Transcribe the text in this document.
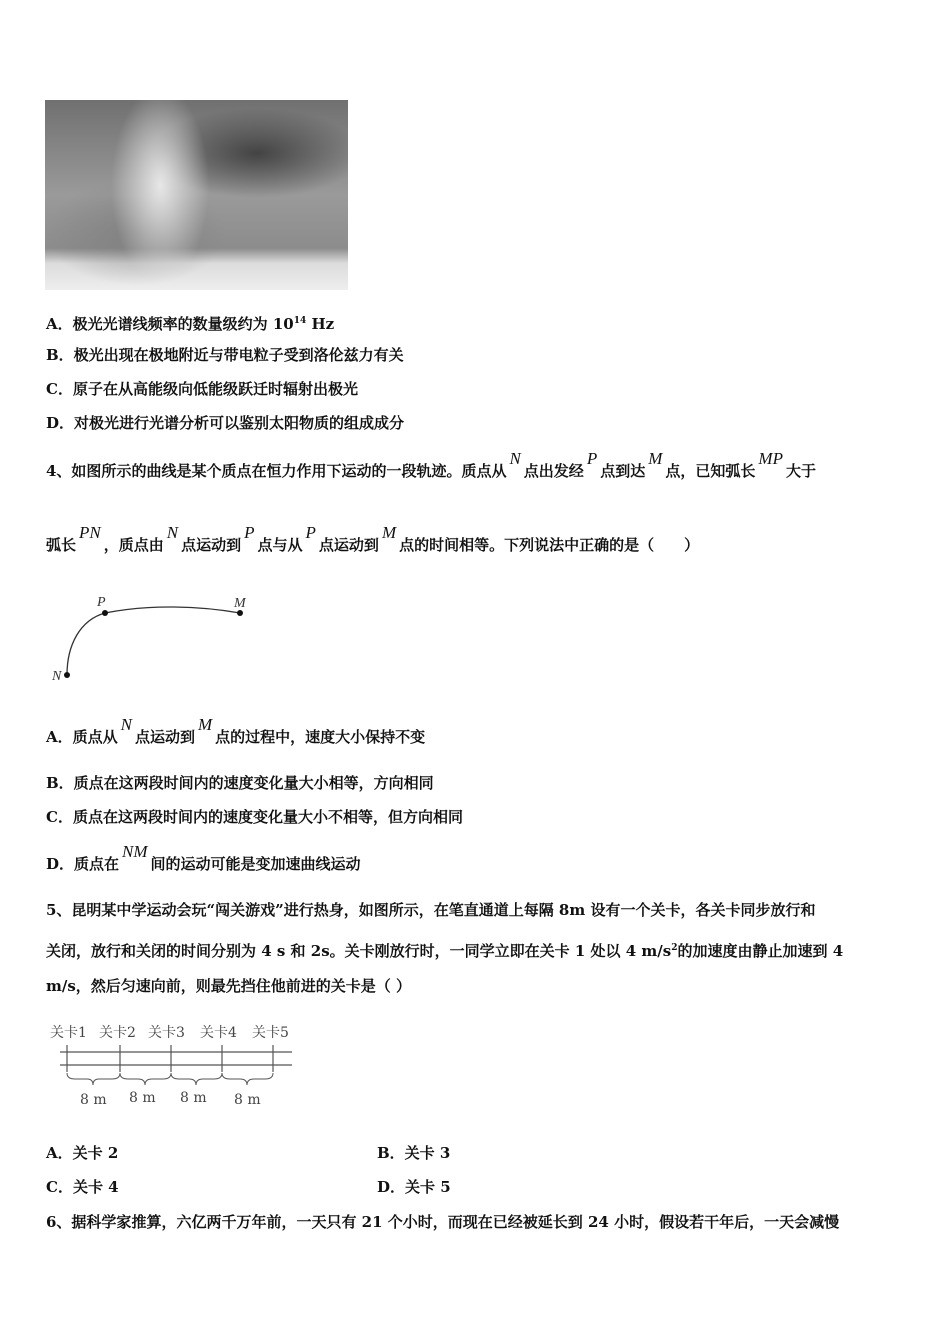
A．极光光谱线频率的数量级约为 $10^{14}$ Hz
B．极光出现在极地附近与带电粒子受到洛伦兹力有关
C．原子在从高能级向低能级跃迁时辐射出极光
D．对极光进行光谱分析可以鉴别太阳物质的组成成分
4、如图所示的曲线是某个质点在恒力作用下运动的一段轨迹。质点从N点出发经P点到达M点，已知弧长MP大于
弧长PN，质点由N点运动到P点与从P点运动到M点的时间相等。下列说法中正确的是（　　）
P	M
N
A．质点从N点运动到M点的过程中，速度大小保持不变
B．质点在这两段时间内的速度变化量大小相等，方向相同
C．质点在这两段时间内的速度变化量大小不相等，但方向相同
D．质点在NM间的运动可能是变加速曲线运动
5、昆明某中学运动会玩“闯关游戏”进行热身，如图所示，在笔直通道上每隔 8m 设有一个关卡，各关卡同步放行和
关闭，放行和关闭的时间分别为 4 s 和 2s。关卡刚放行时，一同学立即在关卡 1 处以 4 $m/s^2$的加速度由静止加速到 4
m/s，然后匀速向前，则最先挡住他前进的关卡是（ ）
关卡1 关卡2 关卡3 关卡4 关卡5
8 m 8 m 8 m 8 m
A．关卡 2	B．关卡 3
C．关卡 4	D．关卡 5
6、据科学家推算，六亿两千万年前，一天只有 21 个小时，而现在已经被延长到 24 小时，假设若干年后，一天会减慢
